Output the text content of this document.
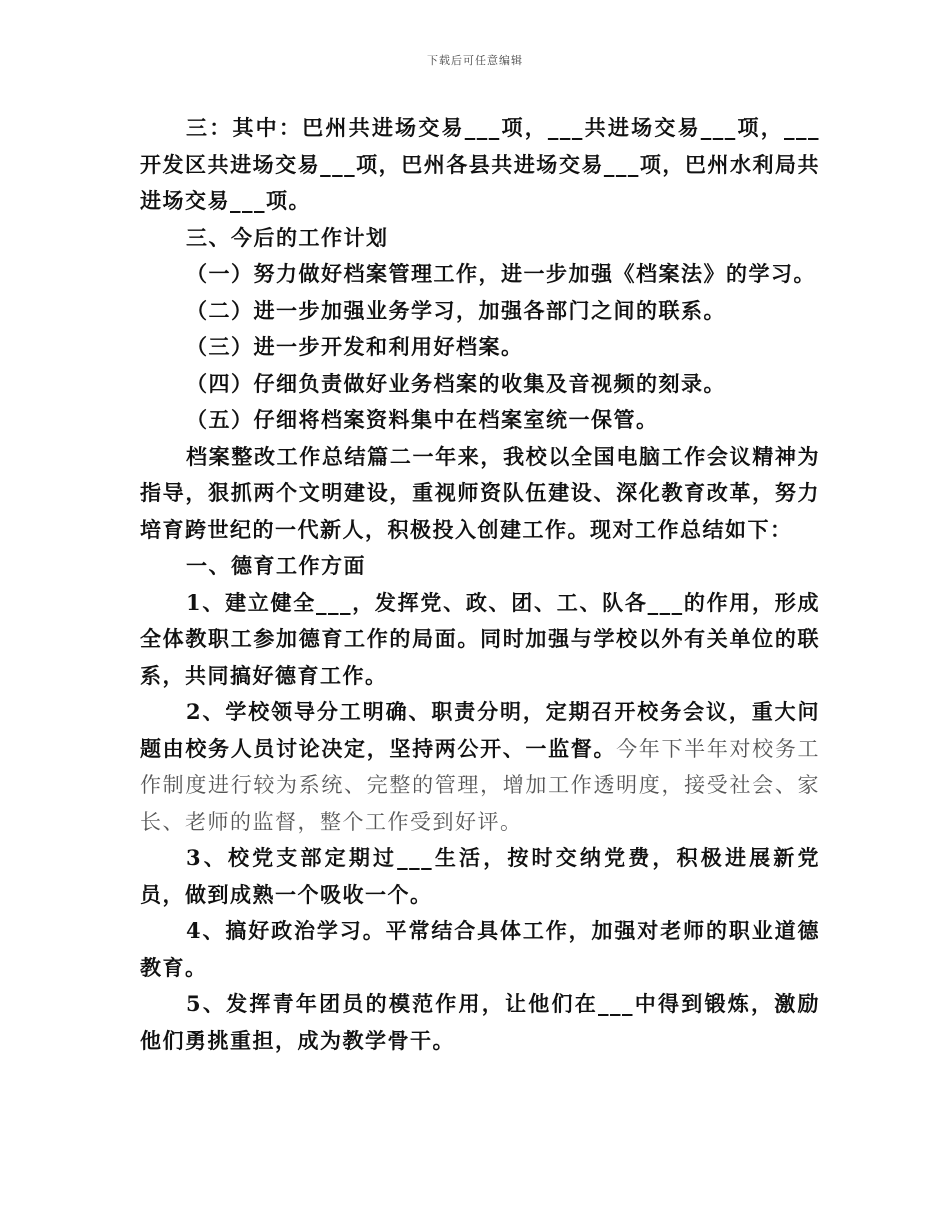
下载后可任意编辑

三：其中：巴州共进场交易___项，___共进场交易___项，___开发区共进场交易___项，巴州各县共进场交易___项，巴州水利局共进场交易___项。

三、今后的工作计划

（一）努力做好档案管理工作，进一步加强《档案法》的学习。

（二）进一步加强业务学习，加强各部门之间的联系。

（三）进一步开发和利用好档案。

（四）仔细负责做好业务档案的收集及音视频的刻录。

（五）仔细将档案资料集中在档案室统一保管。

档案整改工作总结篇二一年来，我校以全国电脑工作会议精神为指导，狠抓两个文明建设，重视师资队伍建设、深化教育改革，努力培育跨世纪的一代新人，积极投入创建工作。现对工作总结如下：

一、德育工作方面

1、建立健全___，发挥党、政、团、工、队各___的作用，形成全体教职工参加德育工作的局面。同时加强与学校以外有关单位的联系，共同搞好德育工作。

2、学校领导分工明确、职责分明，定期召开校务会议，重大问题由校务人员讨论决定，坚持两公开、一监督。今年下半年对校务工作制度进行较为系统、完整的管理，增加工作透明度，接受社会、家长、老师的监督，整个工作受到好评。

3、校党支部定期过___生活，按时交纳党费，积极进展新党员，做到成熟一个吸收一个。

4、搞好政治学习。平常结合具体工作，加强对老师的职业道德教育。

5、发挥青年团员的模范作用，让他们在___中得到锻炼，激励他们勇挑重担，成为教学骨干。
